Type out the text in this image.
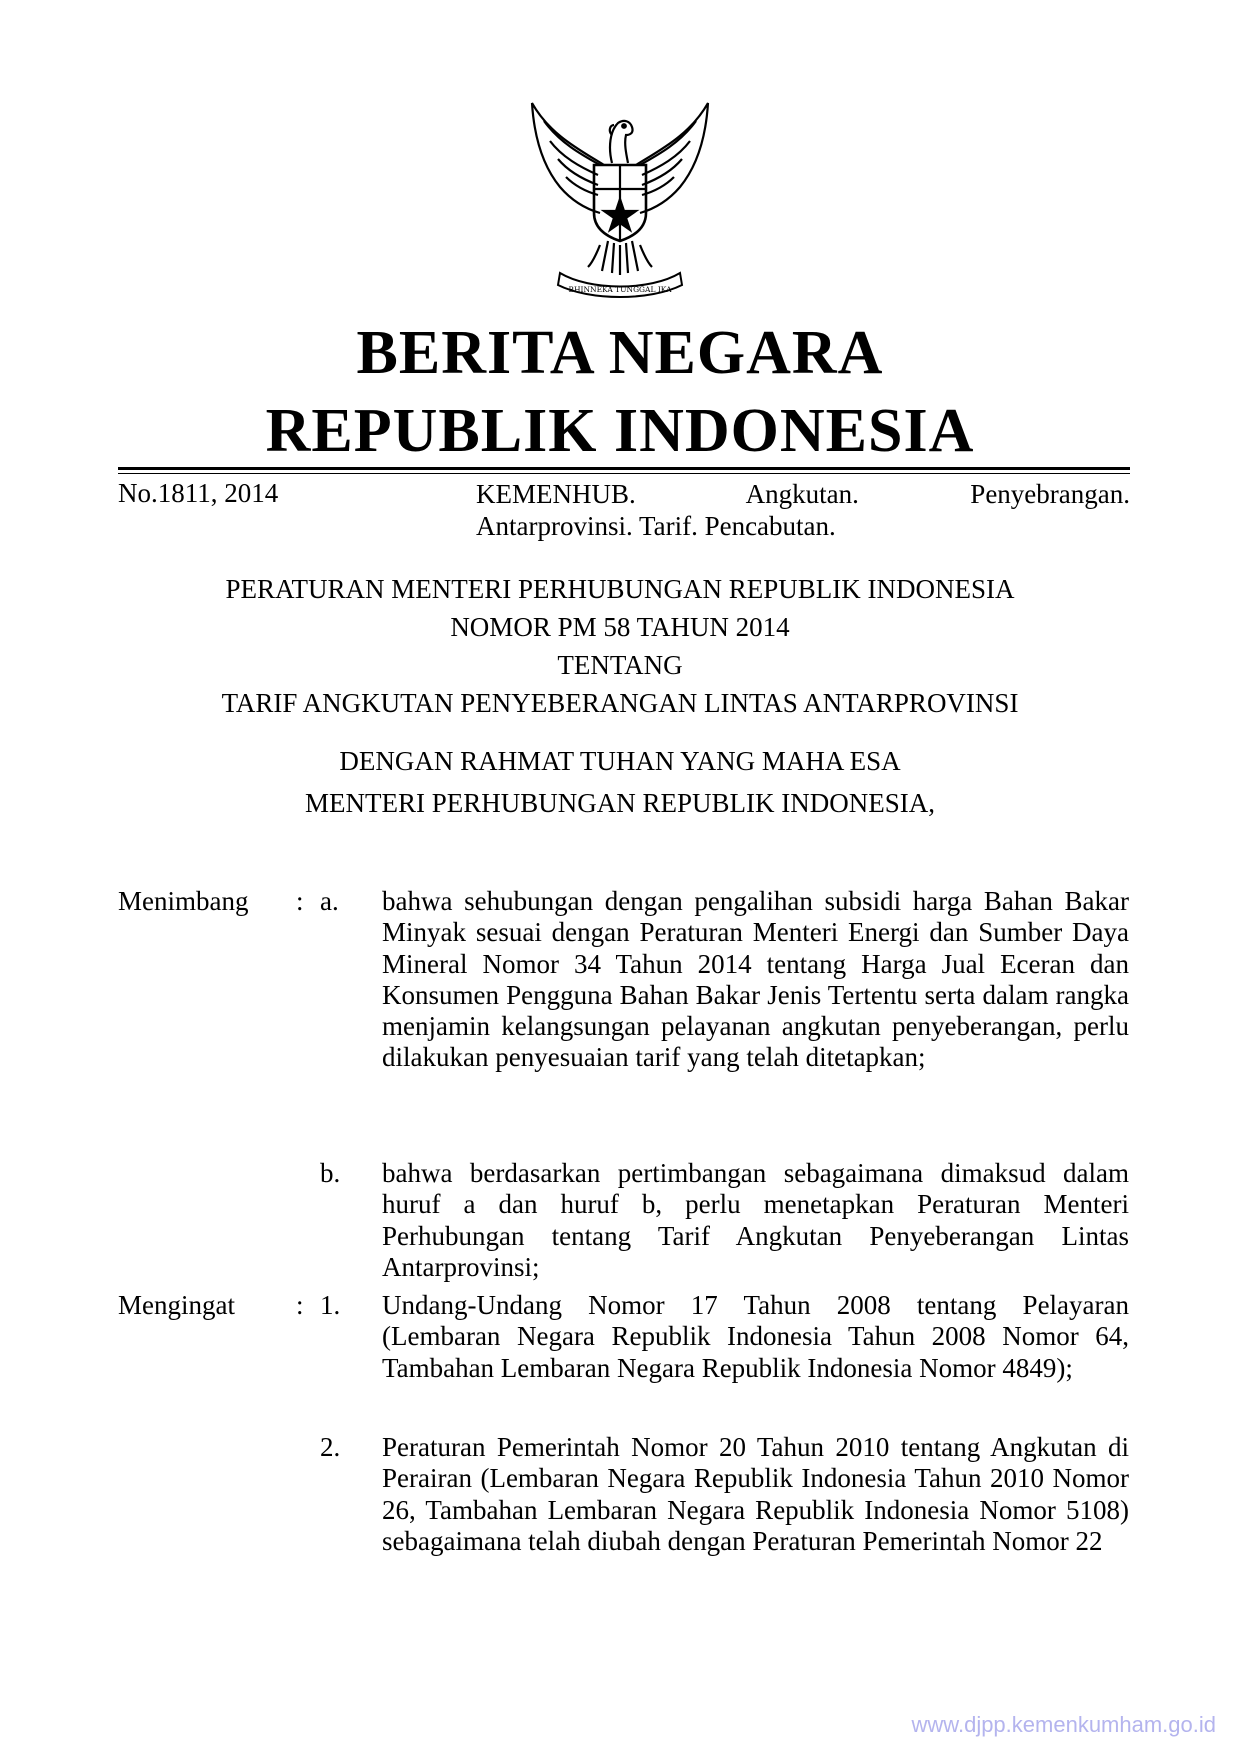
BHINNEKA TUNGGAL IKA
BERITA NEGARA
REPUBLIK INDONESIA
No.1811, 2014	KEMENHUB. Angkutan. Penyebrangan.
Antarprovinsi. Tarif. Pencabutan.
PERATURAN MENTERI PERHUBUNGAN REPUBLIK INDONESIA
NOMOR PM 58 TAHUN 2014
TENTANG
TARIF ANGKUTAN PENYEBERANGAN LINTAS ANTARPROVINSI
DENGAN RAHMAT TUHAN YANG MAHA ESA
MENTERI PERHUBUNGAN REPUBLIK INDONESIA,
Menimbang : a. bahwa sehubungan dengan pengalihan subsidi harga Bahan Bakar Minyak sesuai dengan Peraturan Menteri Energi dan Sumber Daya Mineral Nomor 34 Tahun 2014 tentang Harga Jual Eceran dan Konsumen Pengguna Bahan Bakar Jenis Tertentu serta dalam rangka menjamin kelangsungan pelayanan angkutan penyeberangan, perlu dilakukan penyesuaian tarif yang telah ditetapkan;
b. bahwa berdasarkan pertimbangan sebagaimana dimaksud dalam huruf a dan huruf b, perlu menetapkan Peraturan Menteri Perhubungan tentang Tarif Angkutan Penyeberangan Lintas Antarprovinsi;
Mengingat : 1. Undang-Undang Nomor 17 Tahun 2008 tentang Pelayaran (Lembaran Negara Republik Indonesia Tahun 2008 Nomor 64, Tambahan Lembaran Negara Republik Indonesia Nomor 4849);
2. Peraturan Pemerintah Nomor 20 Tahun 2010 tentang Angkutan di Perairan (Lembaran Negara Republik Indonesia Tahun 2010 Nomor 26, Tambahan Lembaran Negara Republik Indonesia Nomor 5108) sebagaimana telah diubah dengan Peraturan Pemerintah Nomor 22
www.djpp.kemenkumham.go.id
